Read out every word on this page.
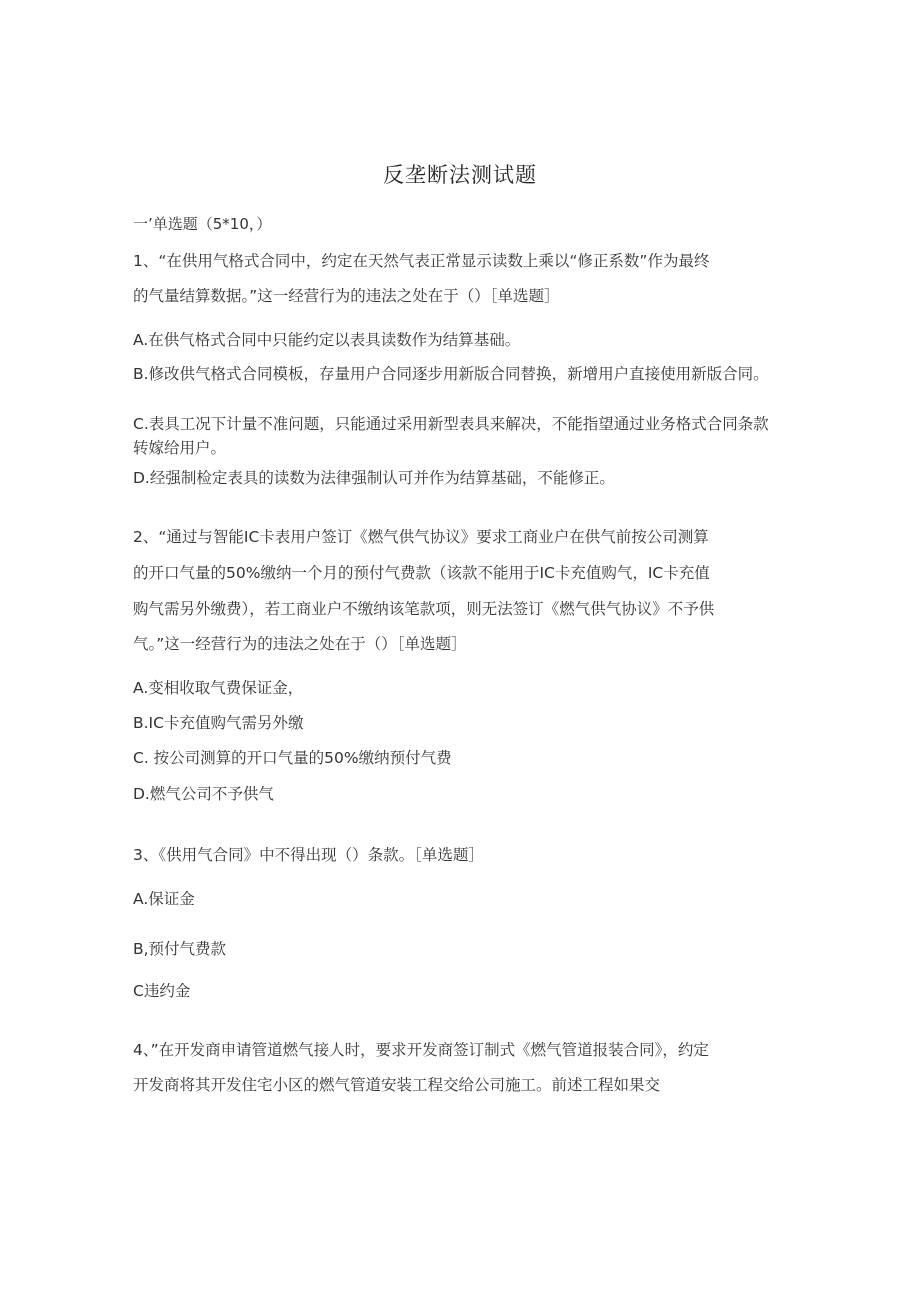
反垄断法测试题

一’单选题（5*10，）

1、“在供用气格式合同中，约定在天然气表正常显示读数上乘以“修正系数”作为最终

的气量结算数据。”这一经营行为的违法之处在于（）［单选题］

A.在供气格式合同中只能约定以表具读数作为结算基础。

B.修改供气格式合同模板，存量用户合同逐步用新版合同替换，新增用户直接使用新版合同。

C.表具工况下计量不准问题，只能通过采用新型表具来解决，不能指望通过业务格式合同条款转嫁给用户。

D.经强制检定表具的读数为法律强制认可并作为结算基础，不能修正。

2、“通过与智能IC卡表用户签订《燃气供气协议》要求工商业户在供气前按公司测算

的开口气量的50%缴纳一个月的预付气费款（该款不能用于IC卡充值购气，IC卡充值

购气需另外缴费），若工商业户不缴纳该笔款项，则无法签订《燃气供气协议》不予供

气。”这一经营行为的违法之处在于（）［单选题］

A.变相收取气费保证金，

B.IC卡充值购气需另外缴

C. 按公司测算的开口气量的50%缴纳预付气费

D.燃气公司不予供气

3、《供用气合同》中不得出现（）条款。［单选题］

A.保证金

B,预付气费款

C违约金

4、”在开发商申请管道燃气接人时，要求开发商签订制式《燃气管道报装合同》，约定

开发商将其开发住宅小区的燃气管道安装工程交给公司施工。前述工程如果交
